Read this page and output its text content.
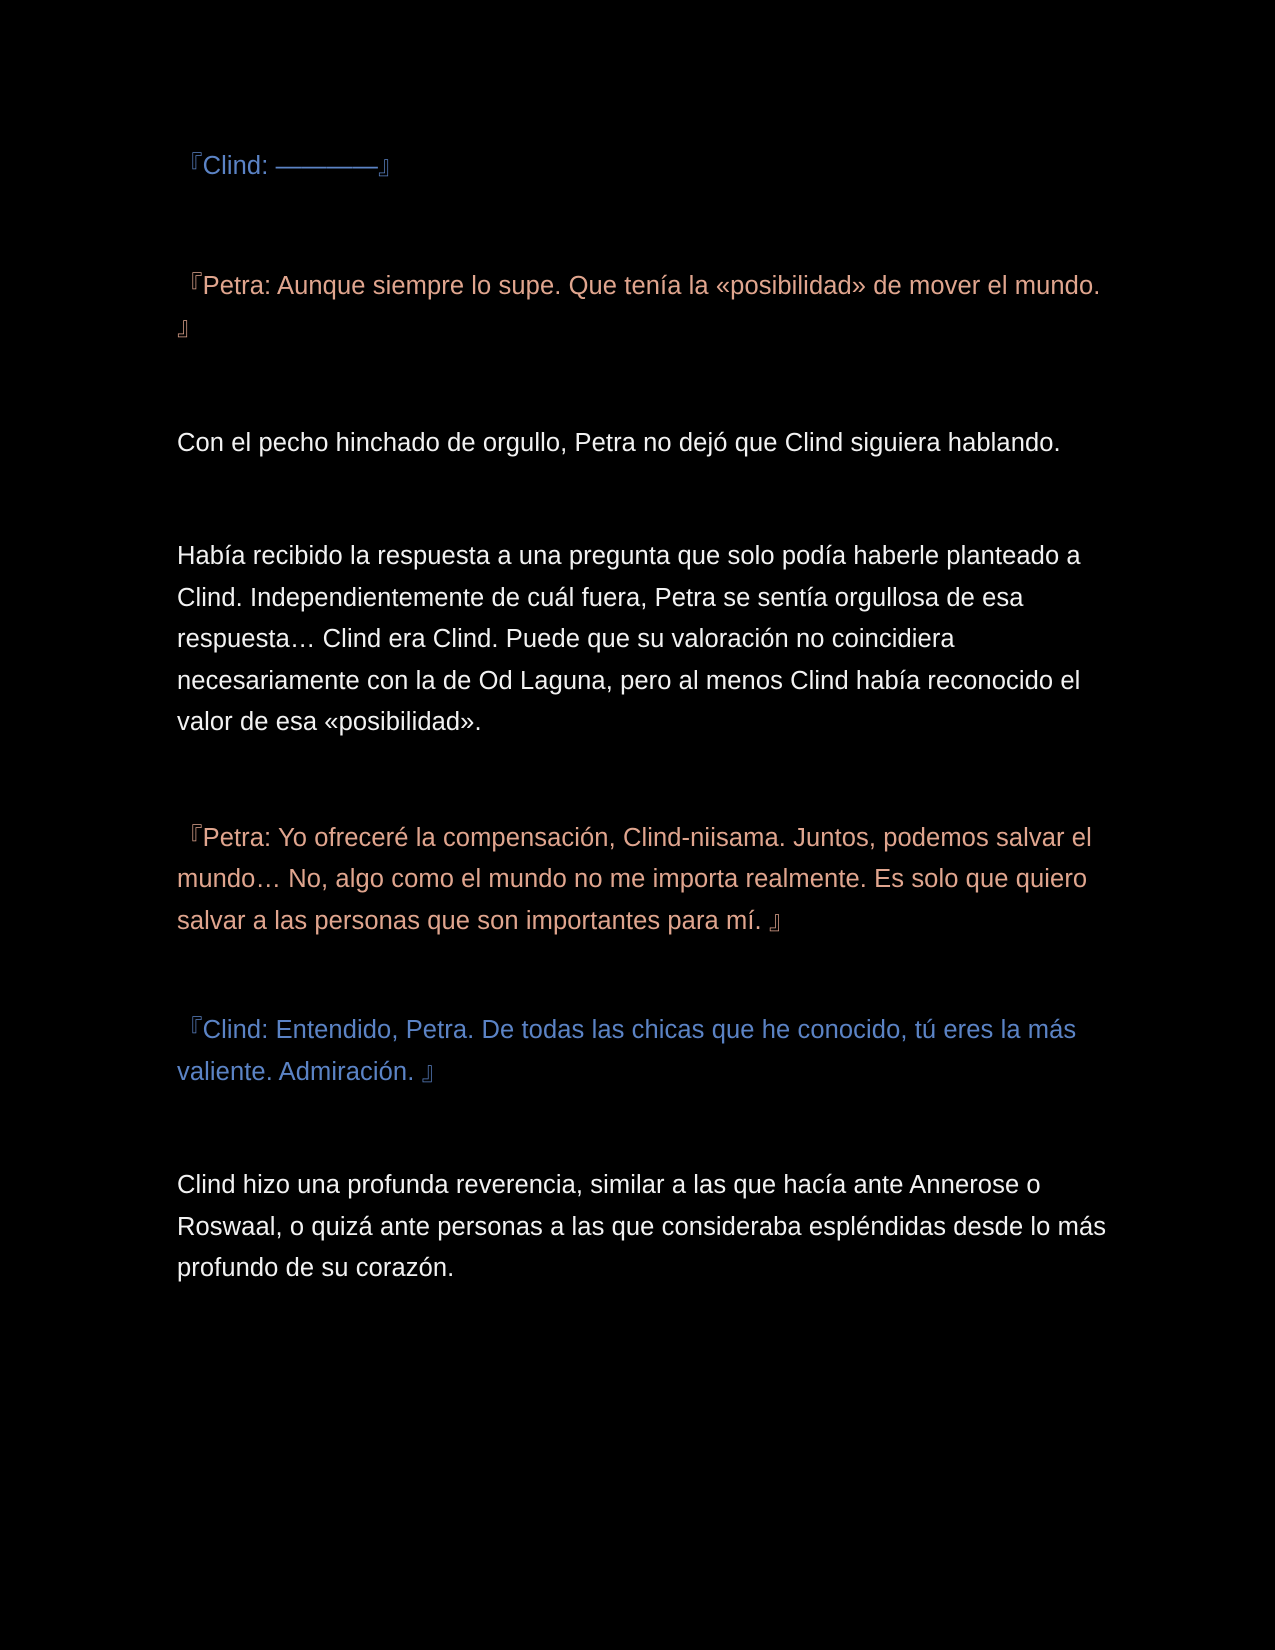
『Clind: ————』

『Petra: Aunque siempre lo supe. Que tenía la «posibilidad» de mover el mundo. 』

Con el pecho hinchado de orgullo, Petra no dejó que Clind siguiera hablando.

Había recibido la respuesta a una pregunta que solo podía haberle planteado a Clind. Independientemente de cuál fuera, Petra se sentía orgullosa de esa respuesta… Clind era Clind. Puede que su valoración no coincidiera necesariamente con la de Od Laguna, pero al menos Clind había reconocido el valor de esa «posibilidad».

『Petra: Yo ofreceré la compensación, Clind-niisama. Juntos, podemos salvar el mundo… No, algo como el mundo no me importa realmente. Es solo que quiero salvar a las personas que son importantes para mí. 』

『Clind: Entendido, Petra. De todas las chicas que he conocido, tú eres la más valiente. Admiración. 』

Clind hizo una profunda reverencia, similar a las que hacía ante Annerose o Roswaal, o quizá ante personas a las que consideraba espléndidas desde lo más profundo de su corazón.
